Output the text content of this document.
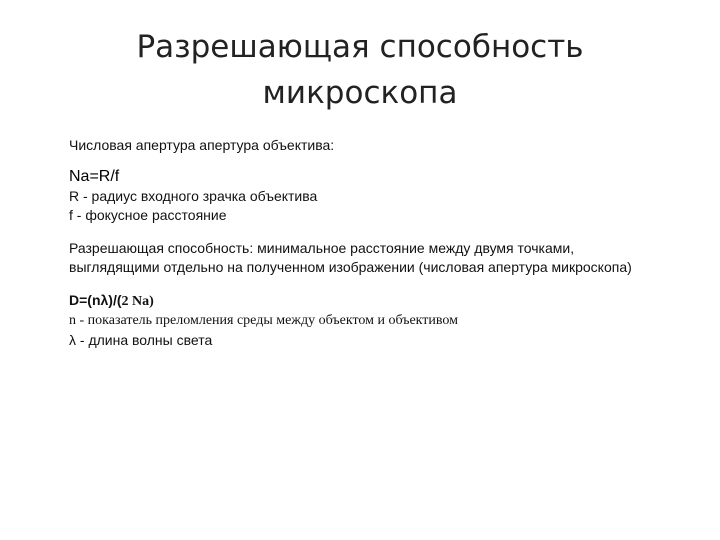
Разрешающая способность
микроскопа
Числовая апертура апертура объектива:
Na=R/f
R - радиус входного зрачка объектива
f - фокусное расстояние
Разрешающая способность: минимальное расстояние между двумя точками, выглядящими отдельно на полученном изображении (числовая апертура микроскопа)
D=(nλ)/(2 Na)
n - показатель преломления среды между объектом и объективом
λ - длина волны света
